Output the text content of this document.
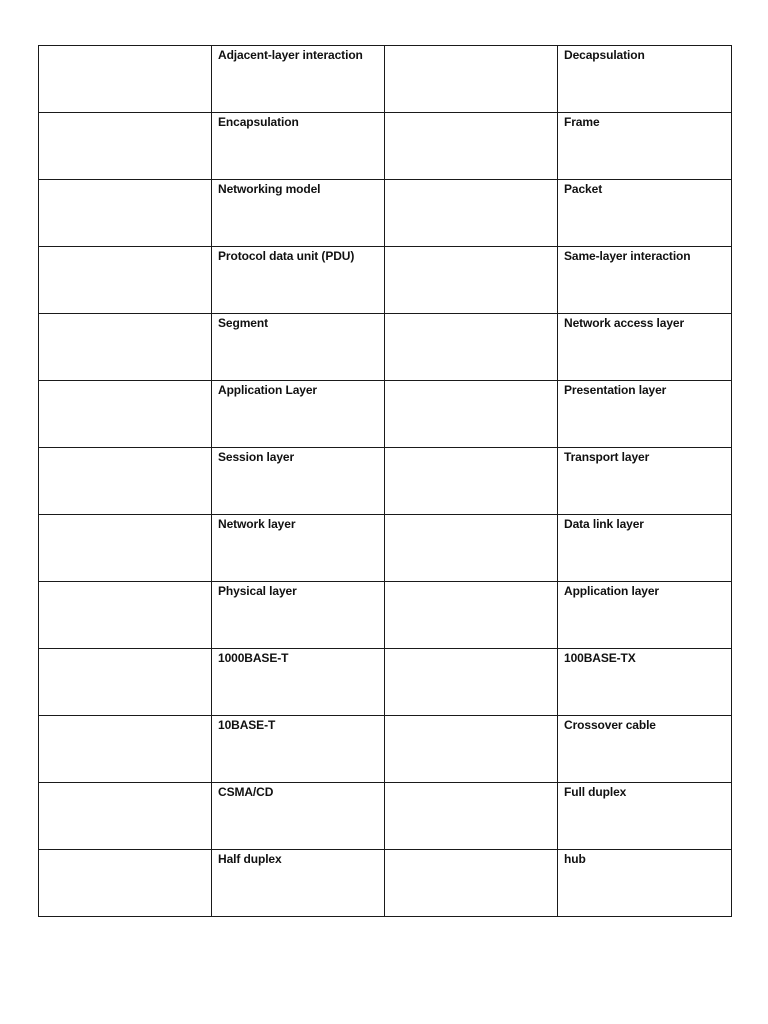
	Adjacent-layer interaction		Decapsulation
	Encapsulation		Frame
	Networking model		Packet
	Protocol data unit (PDU)		Same-layer interaction
	Segment		Network access layer
	Application Layer		Presentation layer
	Session layer		Transport layer
	Network layer		Data link layer
	Physical layer		Application layer
	1000BASE-T		100BASE-TX
	10BASE-T		Crossover cable
	CSMA/CD		Full duplex
	Half duplex		hub
